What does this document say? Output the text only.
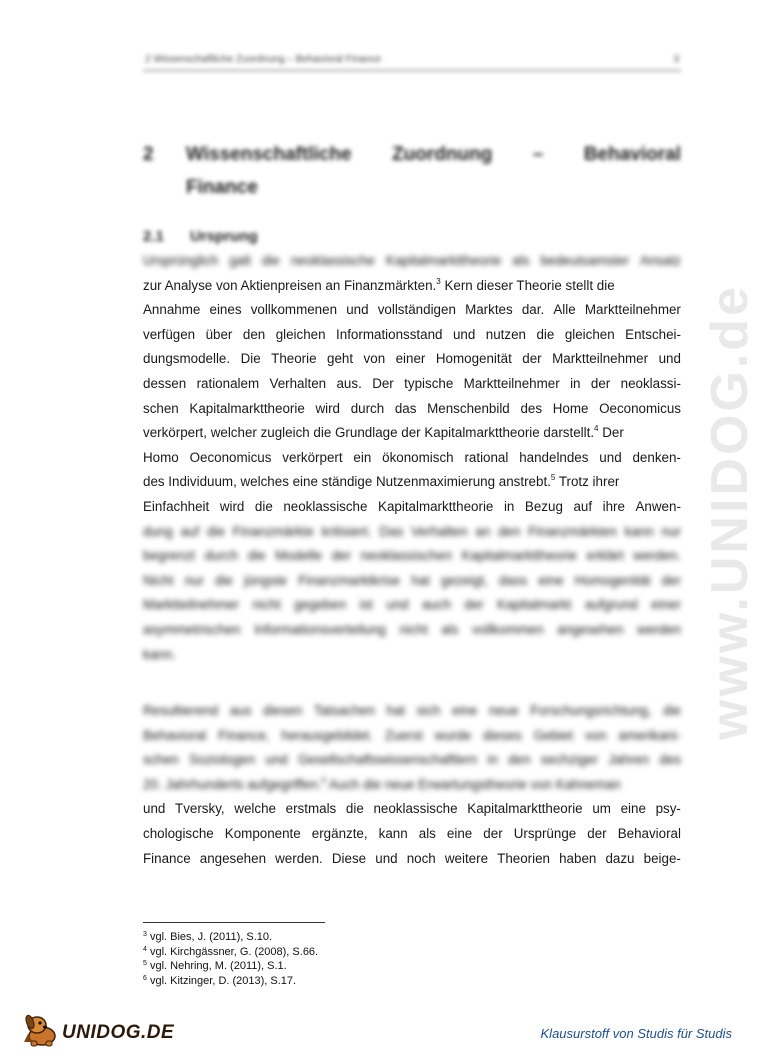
2 Wissenschaftliche Zuordnung – Behavioral Finance	3
www.UNIDOG.de
2 Wissenschaftliche Zuordnung – Behavioral
Finance
2.1 Ursprung
Ursprünglich galt die neoklassische Kapitalmarkttheorie als bedeutsamster Ansatz
zur Analyse von Aktienpreisen an Finanzmärkten.$^3$ Kern dieser Theorie stellt die
Annahme eines vollkommenen und vollständigen Marktes dar. Alle Marktteilnehmer
verfügen über den gleichen Informationsstand und nutzen die gleichen Entschei-
dungsmodelle. Die Theorie geht von einer Homogenität der Marktteilnehmer und
dessen rationalem Verhalten aus. Der typische Marktteilnehmer in der neoklassi-
schen Kapitalmarkttheorie wird durch das Menschenbild des Home Oeconomicus
verkörpert, welcher zugleich die Grundlage der Kapitalmarkttheorie darstellt.$^4$ Der
Homo Oeconomicus verkörpert ein ökonomisch rational handelndes und denken-
des Individuum, welches eine ständige Nutzenmaximierung anstrebt.$^5$ Trotz ihrer
Einfachheit wird die neoklassische Kapitalmarkttheorie in Bezug auf ihre Anwen-
dung auf die Finanzmärkte kritisiert. Das Verhalten an den Finanzmärkten kann nur
begrenzt durch die Modelle der neoklassischen Kapitalmarkttheorie erklärt werden.
Nicht nur die jüngste Finanzmarktkrise hat gezeigt, dass eine Homogenität der
Marktteilnehmer nicht gegeben ist und auch der Kapitalmarkt aufgrund einer
asymmetrischen Informationsverteilung nicht als vollkommen angesehen werden
kann.
Resultierend aus diesen Tatsachen hat sich eine neue Forschungsrichtung, die
Behavioral Finance, herausgebildet. Zuerst wurde dieses Gebiet von amerikani-
schen Soziologen und Gesellschaftswissenschaftlern in den sechziger Jahren des
20. Jahrhunderts aufgegriffen.$^6$ Auch die neue Erwartungstheorie von Kahneman
und Tversky, welche erstmals die neoklassische Kapitalmarkttheorie um eine psy-
chologische Komponente ergänzte, kann als eine der Ursprünge der Behavioral
Finance angesehen werden. Diese und noch weitere Theorien haben dazu beige-
$^3$ vgl. Bies, J. (2011), S.10.
$^4$ vgl. Kirchgässner, G. (2008), S.66.
$^5$ vgl. Nehring, M. (2011), S.1.
$^6$ vgl. Kitzinger, D. (2013), S.17.
UNIDOG.DE	Klausurstoff von Studis für Studis
